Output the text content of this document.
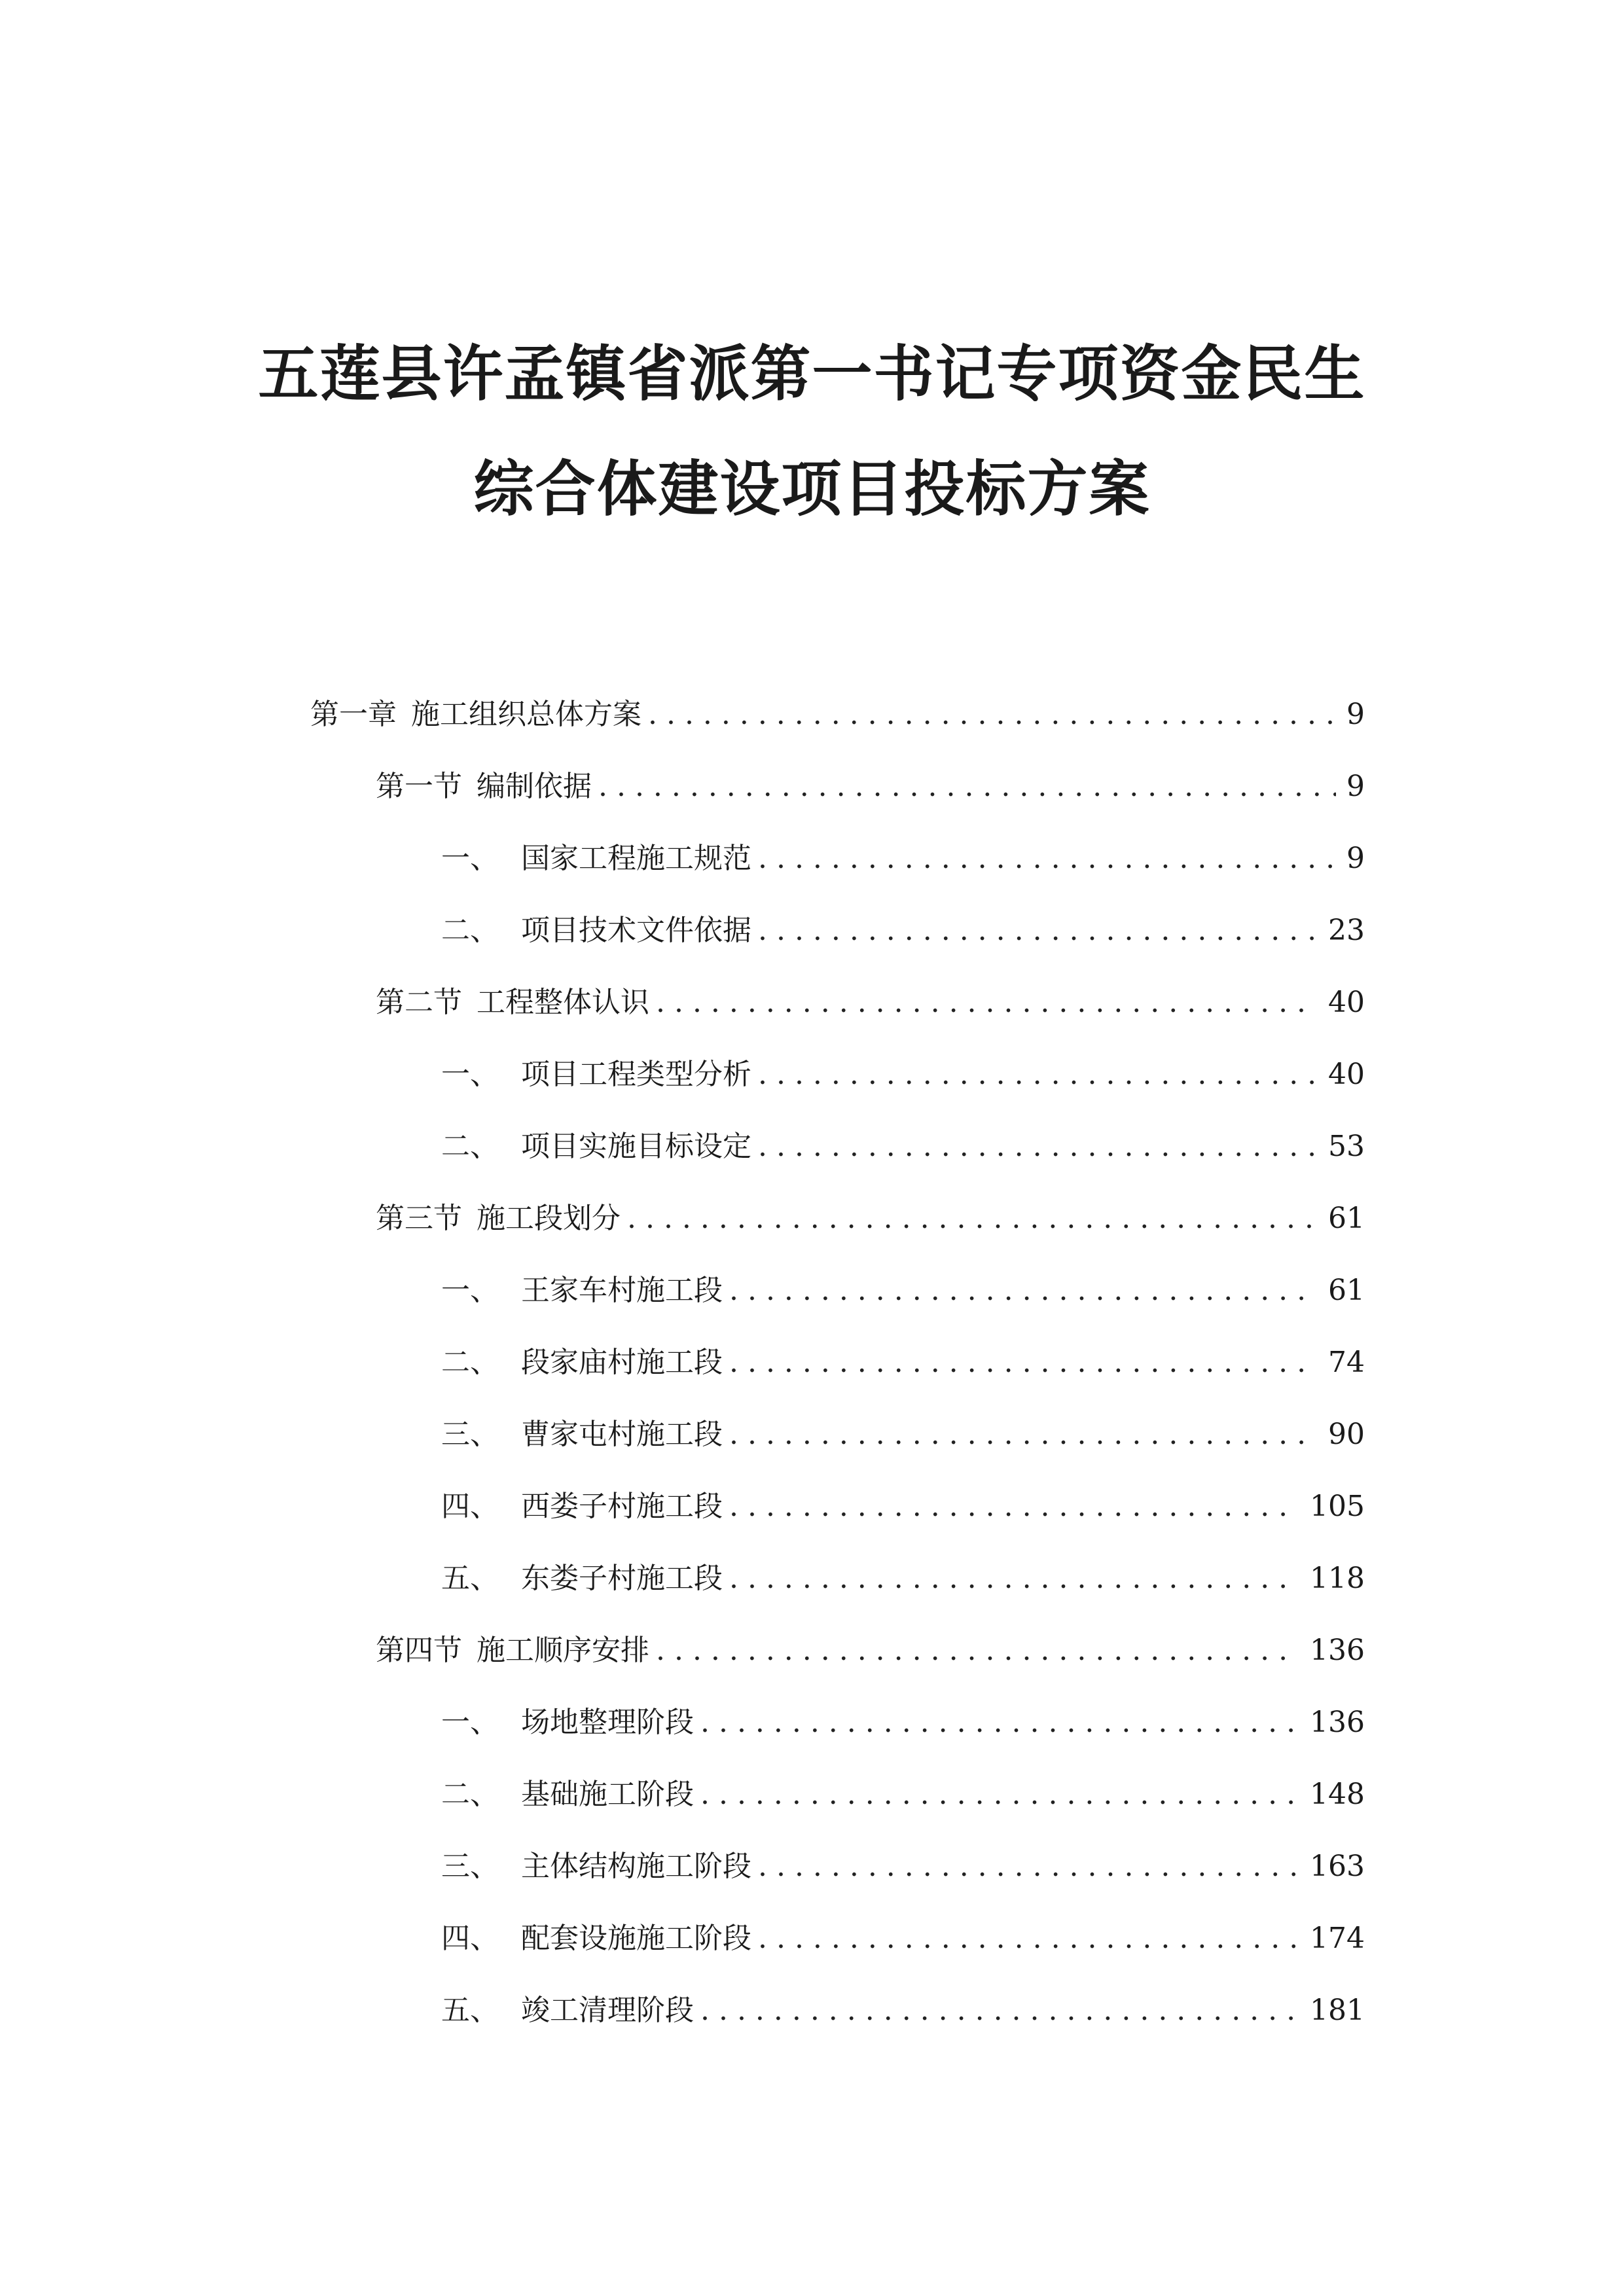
五莲县许孟镇省派第一书记专项资金民生
综合体建设项目投标方案
第一章 施工组织总体方案 . . .	9
第一节 编制依据 . . .	9
一、 国家工程施工规范 . . .	9
二、 项目技术文件依据 . . .	23
第二节 工程整体认识 . . .	40
一、 项目工程类型分析 . . .	40
二、 项目实施目标设定 . . .	53
第三节 施工段划分 . . .	61
一、 王家车村施工段 . . .	61
二、 段家庙村施工段 . . .	74
三、 曹家屯村施工段 . . .	90
四、 西娄子村施工段 . . .	105
五、 东娄子村施工段 . . .	118
第四节 施工顺序安排 . . .	136
一、 场地整理阶段 . . .	136
二、 基础施工阶段 . . .	148
三、 主体结构施工阶段 . . .	163
四、 配套设施施工阶段 . . .	174
五、 竣工清理阶段 . . .	181
